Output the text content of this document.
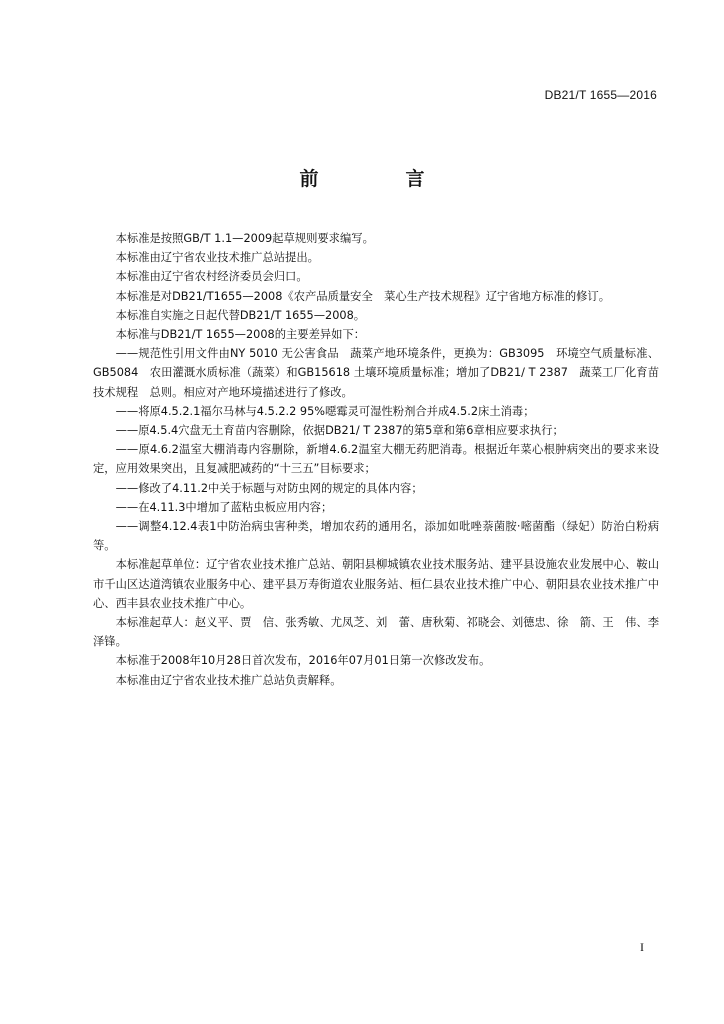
DB21/T 1655—2016
前　言

本标准是按照GB/T 1.1—2009起草规则要求编写。

本标准由辽宁省农业技术推广总站提出。

本标准由辽宁省农村经济委员会归口。

本标准是对DB21/T1655—2008《农产品质量安全　菜心生产技术规程》辽宁省地方标准的修订。

本标准自实施之日起代替DB21/T 1655—2008。

本标准与DB21/T 1655—2008的主要差异如下：

——规范性引用文件由NY 5010 无公害食品　蔬菜产地环境条件，更换为：GB3095　环境空气质量标准、GB5084　农田灌溉水质标准（蔬菜）和GB15618 土壤环境质量标准；增加了DB21/ T 2387　蔬菜工厂化育苗技术规程　总则。相应对产地环境描述进行了修改。

——将原4.5.2.1福尔马林与4.5.2.2 95%噁霉灵可湿性粉剂合并成4.5.2床土消毒；

——原4.5.4穴盘无土育苗内容删除，依据DB21/ T 2387的第5章和第6章相应要求执行；

——原4.6.2温室大棚消毒内容删除，新增4.6.2温室大棚无药肥消毒。根据近年菜心根肿病突出的要求来设定，应用效果突出，且复减肥减药的“十三五”目标要求；

——修改了4.11.2中关于标题与对防虫网的规定的具体内容；

——在4.11.3中增加了蓝粘虫板应用内容；

——调整4.12.4表1中防治病虫害种类，增加农药的通用名，添加如吡唑萘菌胺·嘧菌酯（绿妃）防治白粉病等。

本标准起草单位：辽宁省农业技术推广总站、朝阳县柳城镇农业技术服务站、建平县设施农业发展中心、鞍山市千山区达道湾镇农业服务中心、建平县万寿街道农业服务站、桓仁县农业技术推广中心、朝阳县农业技术推广中心、西丰县农业技术推广中心。

本标准起草人：赵义平、贾　信、张秀敏、尤凤芝、刘　蕾、唐秋菊、祁晓会、刘德忠、徐　箭、王　伟、李泽锋。

本标准于2008年10月28日首次发布，2016年07月01日第一次修改发布。

本标准由辽宁省农业技术推广总站负责解释。

I
